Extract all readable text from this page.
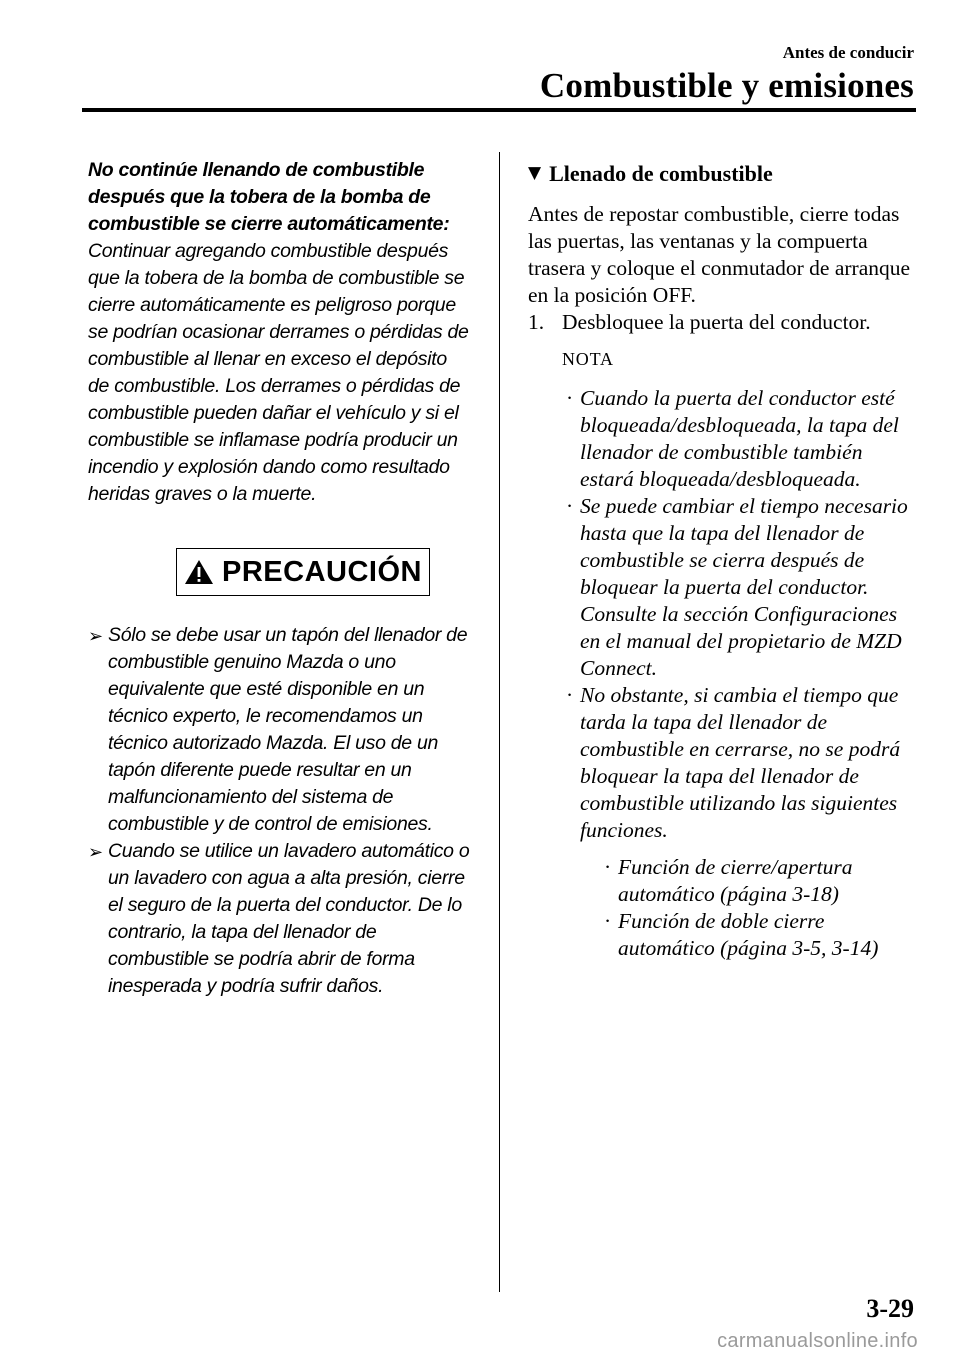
Antes de conducir
Combustible y emisiones

No continúe llenando de combustible después que la tobera de la bomba de combustible se cierre automáticamente:

Continuar agregando combustible después que la tobera de la bomba de combustible se cierre automáticamente es peligroso porque se podrían ocasionar derrames o pérdidas de combustible al llenar en exceso el depósito de combustible. Los derrames o pérdidas de combustible pueden dañar el vehículo y si el combustible se inflamase podría producir un incendio y explosión dando como resultado heridas graves o la muerte.

PRECAUCIÓN
➢ Sólo se debe usar un tapón del llenador de combustible genuino Mazda o uno equivalente que esté disponible en un técnico experto, le recomendamos un técnico autorizado Mazda. El uso de un tapón diferente puede resultar en un malfuncionamiento del sistema de combustible y de control de emisiones.
➢ Cuando se utilice un lavadero automático o un lavadero con agua a alta presión, cierre el seguro de la puerta del conductor. De lo contrario, la tapa del llenador de combustible se podría abrir de forma inesperada y podría sufrir daños.
▼ Llenado de combustible

Antes de repostar combustible, cierre todas las puertas, las ventanas y la compuerta trasera y coloque el conmutador de arranque en la posición OFF.

1. Desbloquee la puerta del conductor.
NOTA
· Cuando la puerta del conductor esté bloqueada/desbloqueada, la tapa del llenador de combustible también estará bloqueada/desbloqueada.
· Se puede cambiar el tiempo necesario hasta que la tapa del llenador de combustible se cierra después de bloquear la puerta del conductor.
Consulte la sección Configuraciones en el manual del propietario de MZD Connect.
· No obstante, si cambia el tiempo que tarda la tapa del llenador de combustible en cerrarse, no se podrá bloquear la tapa del llenador de combustible utilizando las siguientes funciones.
· Función de cierre/apertura automático (página 3-18)
· Función de doble cierre automático (página 3-5, 3-14)
3-29
carmanualsonline.info
